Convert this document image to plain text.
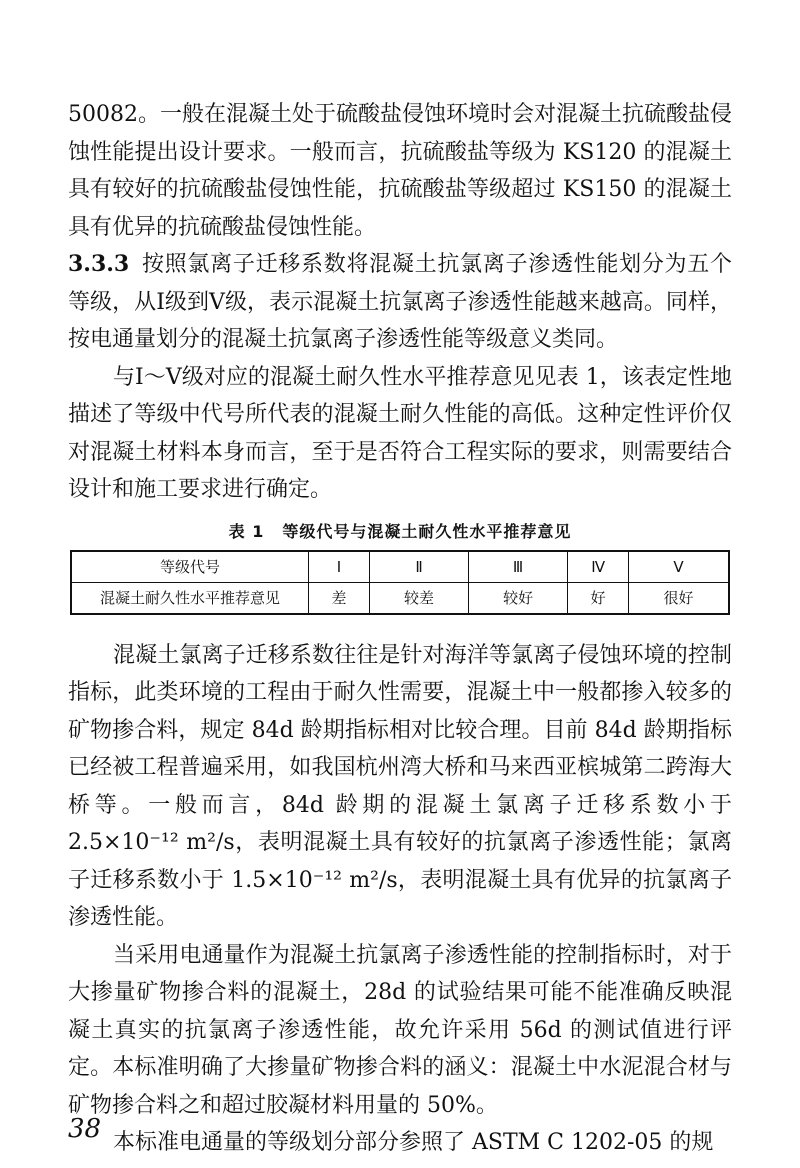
50082。一般在混凝土处于硫酸盐侵蚀环境时会对混凝土抗硫酸盐侵蚀性能提出设计要求。一般而言，抗硫酸盐等级为 KS120 的混凝土具有较好的抗硫酸盐侵蚀性能，抗硫酸盐等级超过 KS150 的混凝土具有优异的抗硫酸盐侵蚀性能。

3.3.3 按照氯离子迁移系数将混凝土抗氯离子渗透性能划分为五个等级，从Ⅰ级到Ⅴ级，表示混凝土抗氯离子渗透性能越来越高。同样，按电通量划分的混凝土抗氯离子渗透性能等级意义类同。

与Ⅰ～Ⅴ级对应的混凝土耐久性水平推荐意见见表 1，该表定性地描述了等级中代号所代表的混凝土耐久性能的高低。这种定性评价仅对混凝土材料本身而言，至于是否符合工程实际的要求，则需要结合设计和施工要求进行确定。

表 1 等级代号与混凝土耐久性水平推荐意见
等级代号	Ⅰ	Ⅱ	Ⅲ	Ⅳ	Ⅴ
混凝土耐久性水平推荐意见	差	较差	较好	好	很好

混凝土氯离子迁移系数往往是针对海洋等氯离子侵蚀环境的控制指标，此类环境的工程由于耐久性需要，混凝土中一般都掺入较多的矿物掺合料，规定 84d 龄期指标相对比较合理。目前 84d 龄期指标已经被工程普遍采用，如我国杭州湾大桥和马来西亚槟城第二跨海大桥等。一般而言，84d 龄期的混凝土氯离子迁移系数小于 2.5×10⁻¹² m²/s，表明混凝土具有较好的抗氯离子渗透性能；氯离子迁移系数小于 1.5×10⁻¹² m²/s，表明混凝土具有优异的抗氯离子渗透性能。

当采用电通量作为混凝土抗氯离子渗透性能的控制指标时，对于大掺量矿物掺合料的混凝土，28d 的试验结果可能不能准确反映混凝土真实的抗氯离子渗透性能，故允许采用 56d 的测试值进行评定。本标准明确了大掺量矿物掺合料的涵义：混凝土中水泥混合材与矿物掺合料之和超过胶凝材料用量的 50%。

本标准电通量的等级划分部分参照了 ASTM C 1202-05 的规

38
